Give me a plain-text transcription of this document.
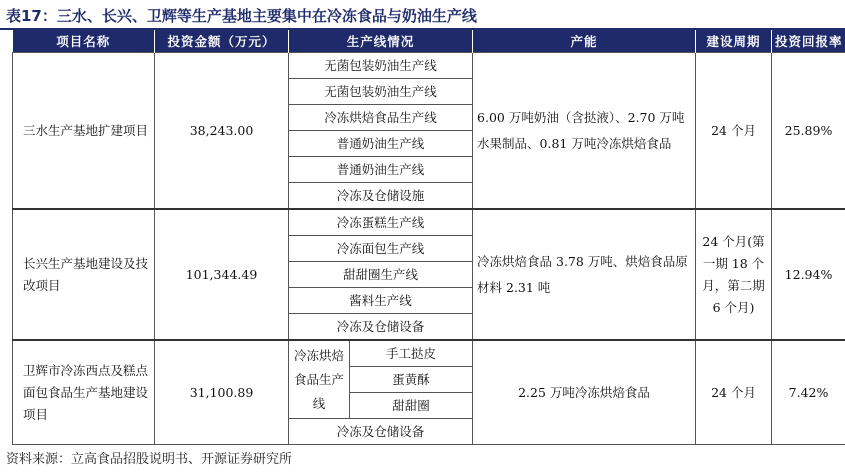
表17：三水、长兴、卫辉等生产基地主要集中在冷冻食品与奶油生产线
项目名称	投资金额（万元）	生产线情况		产能	建设周期	投资回报率
三水生产基地扩建项目	38,243.00	无菌包装奶油生产线		6.00 万吨奶油（含挞液）、2.70 万吨水果制品、0.81 万吨冷冻烘焙食品	24 个月	25.89%
		无菌包装奶油生产线				
		冷冻烘焙食品生产线				
		普通奶油生产线				
		普通奶油生产线				
		冷冻及仓储设施				
长兴生产基地建设及技改项目	101,344.49	冷冻蛋糕生产线		冷冻烘焙食品 3.78 万吨、烘焙食品原材料 2.31 吨	24 个月(第一期 18 个月，第二期 6 个月)	12.94%
		冷冻面包生产线				
		甜甜圈生产线				
		酱料生产线				
		冷冻及仓储设备				
卫辉市冷冻西点及糕点面包食品生产基地建设项目	31,100.89	冷冻烘焙食品生产线	手工挞皮	2.25 万吨冷冻烘焙食品	24 个月	7.42%
			蛋黄酥			
			甜甜圈			
		冷冻及仓储设备				
资料来源：立高食品招股说明书、开源证券研究所
